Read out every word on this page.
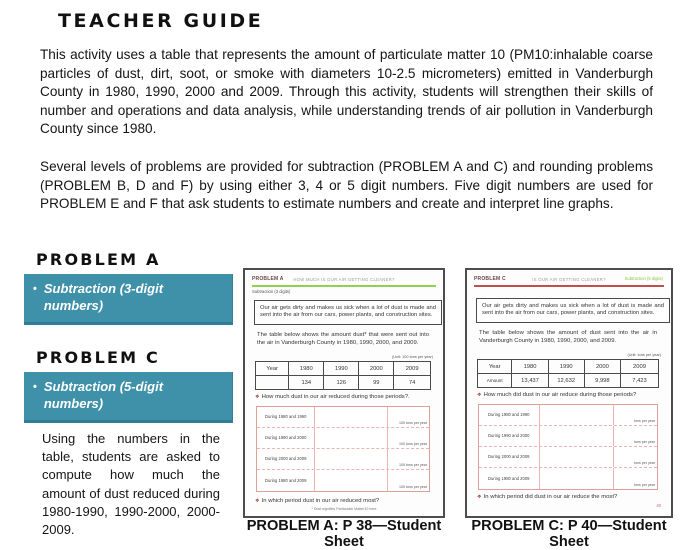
TEACHER GUIDE
This activity uses a table that represents the amount of particulate matter 10 (PM10:inhalable coarse particles of dust, dirt, soot, or smoke with diameters 10-2.5 micrometers) emitted in Vanderburgh County in 1980, 1990, 2000 and 2009. Through this activity, students will strengthen their skills of number and operations and data analysis, while understanding trends of air pollution in Vanderburgh County since 1980.
Several levels of problems are provided for subtraction (PROBLEM A and C) and rounding problems (PROBLEM B, D and F) by using either 3, 4 or 5 digit numbers. Five digit numbers are used for PROBLEM E and F that ask students to estimate numbers and create and interpret line graphs.
PROBLEM A
• Subtraction (3-digit numbers)
PROBLEM C
• Subtraction (5-digit numbers)
Using the numbers in the table, students are asked to compute how much the amount of dust reduced during 1980-1990, 1990-2000, 2000-2009.
PROBLEM A	HOW MUCH IS OUR AIR GETTING CLEANER?
Subtraction (3 digits)
Our air gets dirty and makes us sick when a lot of dust is made and sent into the air from our cars, power plants, and construction sites.
The table below shows the amount dust* that were sent out into the air in Vanderburgh County in 1980, 1990, 2000, and 2009.
(Unit: 100 tons per year)
Year	1980	1990	2000	2009
	134	126	99	74
❖ How much dust in our air reduced during those periods?.
During 1980 and 1990
100 tons per year
During 1990 and 2000
100 tons per year
During 2000 and 2009
100 tons per year
During 1980 and 2009
100 tons per year
❖ In which period dust in our air reduced most?
* Dust signifies Particulate Matter10 here
PROBLEM C	IS OUR AIR GETTING CLEANER?	Subtraction (5 digits)
Our air gets dirty and makes us sick when a lot of dust is made and sent into the air from our cars, power plants, and construction sites.
The table below shows the amount of dust sent into the air in Vanderburgh County in 1980, 1990, 2000, and 2009.
(Unit: tons per year)
Year	1980	1990	2000	2009
Amount	13,437	12,632	9,998	7,423
❖ How much did dust in our air reduce during those periods?
During 1980 and 1990
tons per year
During 1990 and 2000
tons per year
During 2000 and 2009
tons per year
During 1980 and 2009
tons per year
❖ In which period did dust in our air reduce the most?
40
PROBLEM A: P 38—Student Sheet
PROBLEM C: P 40—Student Sheet
